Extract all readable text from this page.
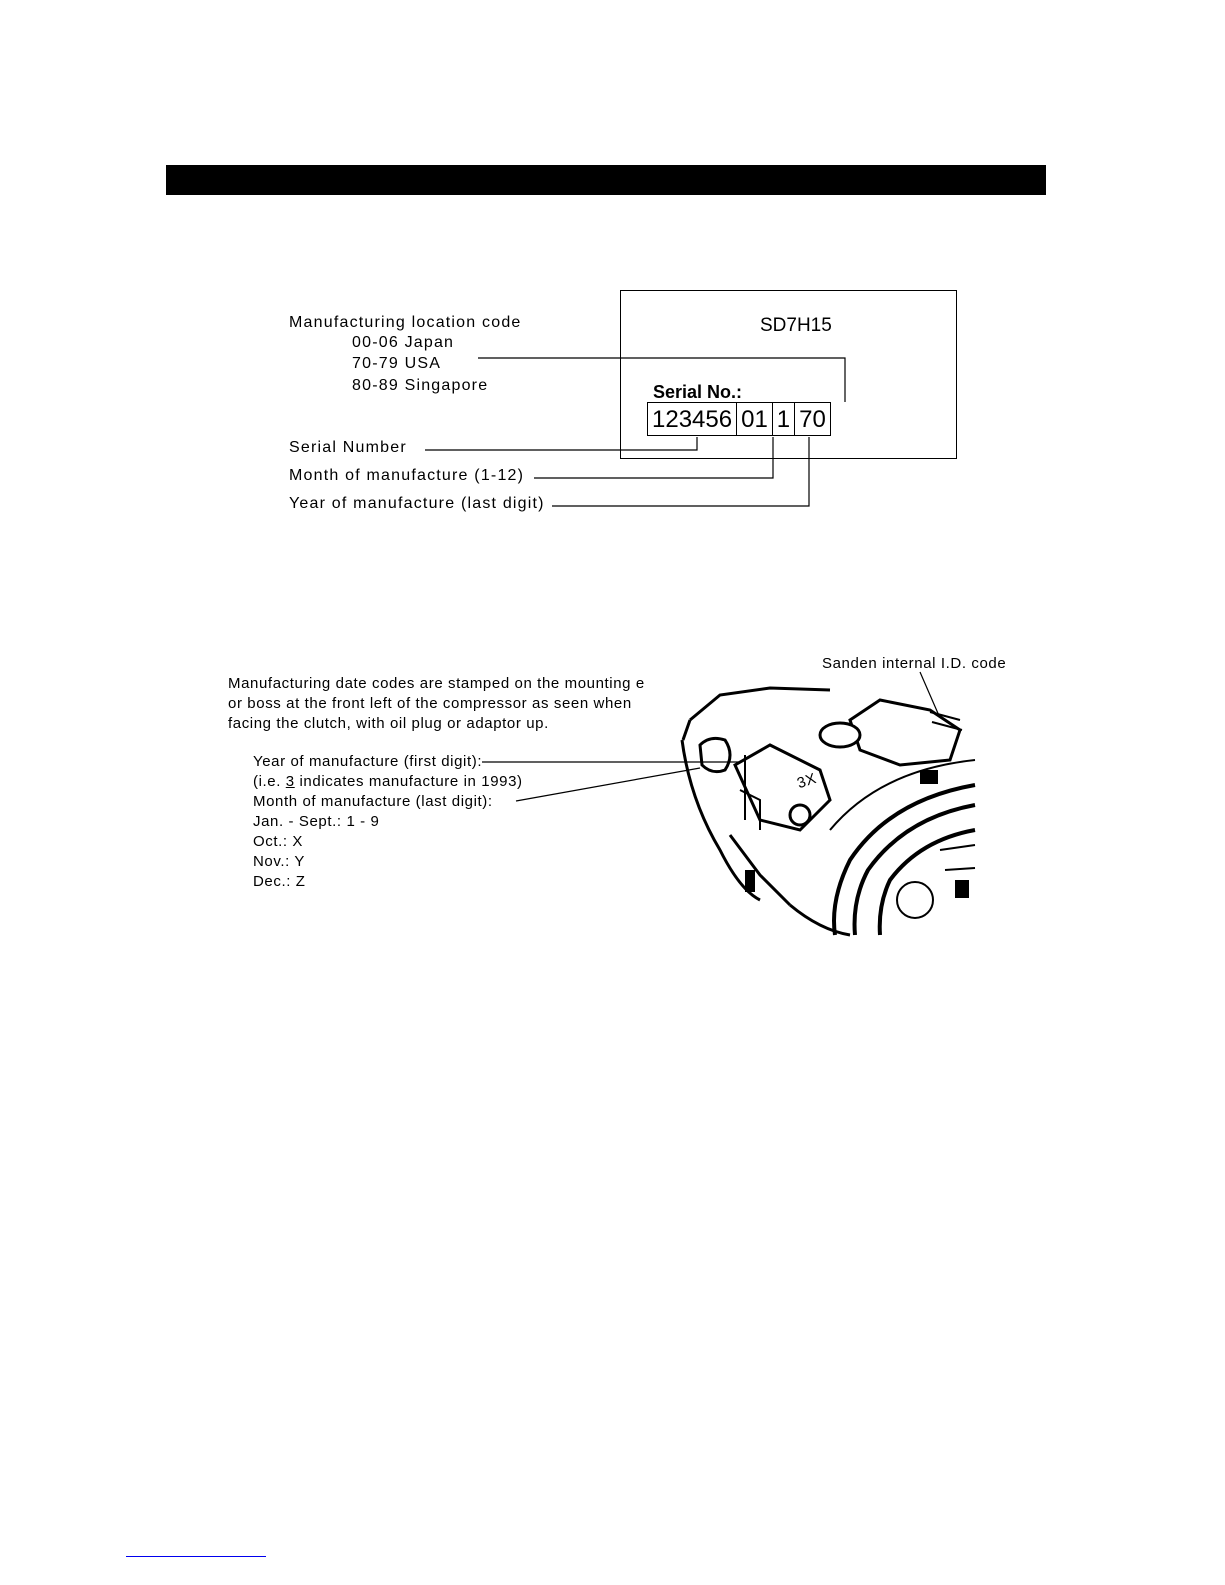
SD7H15
Serial No.:
123456 01 1 70
Manufacturing location code
00-06 Japan
70-79 USA
80-89 Singapore
Serial Number
Month of manufacture (1-12)
Year of manufacture (last digit)
Manufacturing date codes are stamped on the mounting e
or boss at the front left of the compressor as seen when
facing the clutch, with oil plug or adaptor up.
Sanden internal I.D. code
Year of manufacture (first digit):
(i.e. 3 indicates manufacture in 1993)
Month of manufacture (last digit):
Jan. - Sept.: 1 - 9
Oct.: X
Nov.: Y
Dec.: Z
3X
